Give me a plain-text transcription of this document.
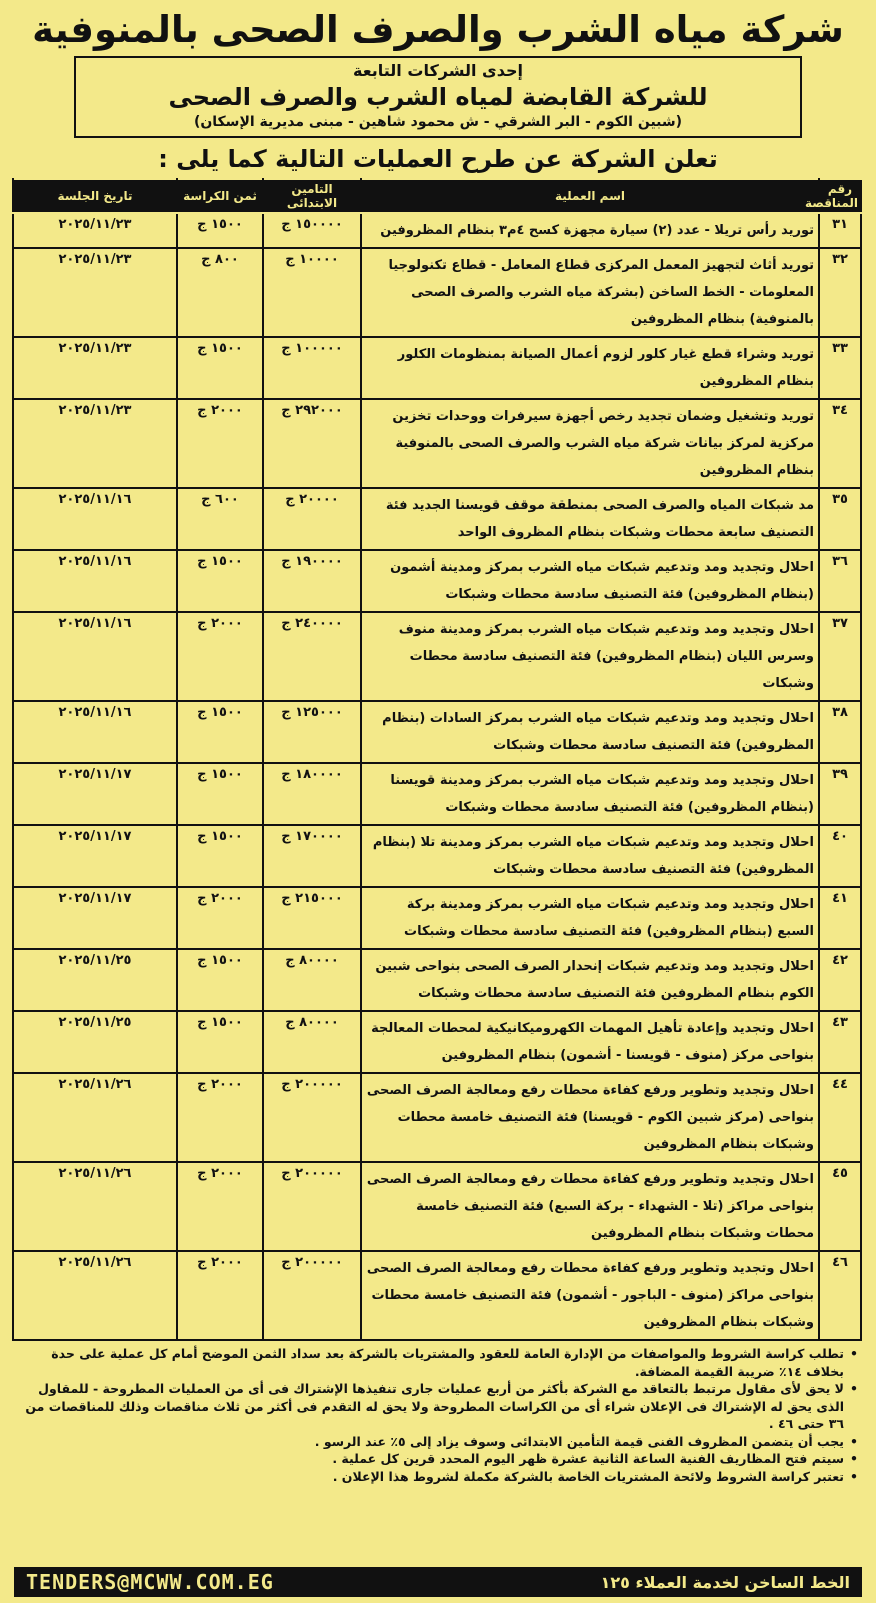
شركة مياه الشرب والصرف الصحى بالمنوفية
إحدى الشركات التابعة
للشركة القابضة لمياه الشرب والصرف الصحى
(شبين الكوم - البر الشرقي - ش محمود شاهين - مبنى مديرية الإسكان)
تعلن الشركة عن طرح العمليات التالية كما يلى :
رقم المناقصة	اسم العملية	التامين الابتدائى	ثمن الكراسة	تاريخ الجلسة
٣١	توريد رأس تريلا - عدد (٢) سيارة مجهزة كسح ٤م٣ بنظام المظروفين	١٥٠٠٠٠ ج	١٥٠٠ ج	٢٠٢٥/١١/٢٣
٣٢	توريد أثاث لتجهيز المعمل المركزى قطاع المعامل - قطاع تكنولوجيا المعلومات - الخط الساخن (بشركة مياه الشرب والصرف الصحى بالمنوفية) بنظام المظروفين	١٠٠٠٠ ج	٨٠٠ ج	٢٠٢٥/١١/٢٣
٣٣	توريد وشراء قطع غيار كلور لزوم أعمال الصيانة بمنظومات الكلور بنظام المظروفين	١٠٠٠٠٠ ج	١٥٠٠ ج	٢٠٢٥/١١/٢٣
٣٤	توريد وتشغيل وضمان تجديد رخص أجهزة سيرفرات ووحدات تخزين مركزية لمركز بيانات شركة مياه الشرب والصرف الصحى بالمنوفية بنظام المظروفين	٢٩٢٠٠٠ ج	٢٠٠٠ ج	٢٠٢٥/١١/٢٣
٣٥	مد شبكات المياه والصرف الصحى بمنطقة موقف قويسنا الجديد فئة التصنيف سابعة محطات وشبكات بنظام المظروف الواحد	٢٠٠٠٠ ج	٦٠٠ ج	٢٠٢٥/١١/١٦
٣٦	احلال وتجديد ومد وتدعيم شبكات مياه الشرب بمركز ومدينة أشمون (بنظام المظروفين) فئة التصنيف سادسة محطات وشبكات	١٩٠٠٠٠ ج	١٥٠٠ ج	٢٠٢٥/١١/١٦
٣٧	احلال وتجديد ومد وتدعيم شبكات مياه الشرب بمركز ومدينة منوف وسرس الليان (بنظام المظروفين) فئة التصنيف سادسة محطات وشبكات	٢٤٠٠٠٠ ج	٢٠٠٠ ج	٢٠٢٥/١١/١٦
٣٨	احلال وتجديد ومد وتدعيم شبكات مياه الشرب بمركز السادات (بنظام المظروفين) فئة التصنيف سادسة محطات وشبكات	١٢٥٠٠٠ ج	١٥٠٠ ج	٢٠٢٥/١١/١٦
٣٩	احلال وتجديد ومد وتدعيم شبكات مياه الشرب بمركز ومدينة قويسنا (بنظام المظروفين) فئة التصنيف سادسة محطات وشبكات	١٨٠٠٠٠ ج	١٥٠٠ ج	٢٠٢٥/١١/١٧
٤٠	احلال وتجديد ومد وتدعيم شبكات مياه الشرب بمركز ومدينة تلا (بنظام المظروفين) فئة التصنيف سادسة محطات وشبكات	١٧٠٠٠٠ ج	١٥٠٠ ج	٢٠٢٥/١١/١٧
٤١	احلال وتجديد ومد وتدعيم شبكات مياه الشرب بمركز ومدينة بركة السبع (بنظام المظروفين) فئة التصنيف سادسة محطات وشبكات	٢١٥٠٠٠ ج	٢٠٠٠ ج	٢٠٢٥/١١/١٧
٤٢	احلال وتجديد ومد وتدعيم شبكات إنحدار الصرف الصحى بنواحى شبين الكوم بنظام المظروفين فئة التصنيف سادسة محطات وشبكات	٨٠٠٠٠ ج	١٥٠٠ ج	٢٠٢٥/١١/٢٥
٤٣	احلال وتجديد وإعادة تأهيل المهمات الكهروميكانيكية لمحطات المعالجة بنواحى مركز (منوف - قويسنا - أشمون) بنظام المظروفين	٨٠٠٠٠ ج	١٥٠٠ ج	٢٠٢٥/١١/٢٥
٤٤	احلال وتجديد وتطوير ورفع كفاءة محطات رفع ومعالجة الصرف الصحى بنواحى (مركز شبين الكوم - قويسنا) فئة التصنيف خامسة محطات وشبكات بنظام المظروفين	٢٠٠٠٠٠ ج	٢٠٠٠ ج	٢٠٢٥/١١/٢٦
٤٥	احلال وتجديد وتطوير ورفع كفاءة محطات رفع ومعالجة الصرف الصحى بنواحى مراكز (تلا - الشهداء - بركة السبع) فئة التصنيف خامسة محطات وشبكات بنظام المظروفين	٢٠٠٠٠٠ ج	٢٠٠٠ ج	٢٠٢٥/١١/٢٦
٤٦	احلال وتجديد وتطوير ورفع كفاءة محطات رفع ومعالجة الصرف الصحى بنواحى مراكز (منوف - الباجور - أشمون) فئة التصنيف خامسة محطات وشبكات بنظام المظروفين	٢٠٠٠٠٠ ج	٢٠٠٠ ج	٢٠٢٥/١١/٢٦
• تطلب كراسة الشروط والمواصفات من الإدارة العامة للعقود والمشتريات بالشركة بعد سداد الثمن الموضح أمام كل عملية على حدة بخلاف ١٤٪ ضريبة القيمة المضافة.
• لا يحق لأى مقاول مرتبط بالتعاقد مع الشركة بأكثر من أربع عمليات جارى تنفيذها الإشتراك فى أى من العمليات المطروحة - للمقاول الذى يحق له الإشتراك فى الإعلان شراء أى من الكراسات المطروحة ولا يحق له التقدم فى أكثر من ثلاث مناقصات وذلك للمناقصات من ٣٦ حتى ٤٦ .
• يجب أن يتضمن المظروف الفنى قيمة التأمين الابتدائى وسوف يزاد إلى ٥٪ عند الرسو .
• سيتم فتح المظاريف الفنية الساعة الثانية عشرة ظهر اليوم المحدد قرين كل عملية .
• تعتبر كراسة الشروط ولائحة المشتريات الخاصة بالشركة مكملة لشروط هذا الإعلان .
الخط الساخن لخدمة العملاء ١٢٥
TENDERS@MCWW.COM.EG
